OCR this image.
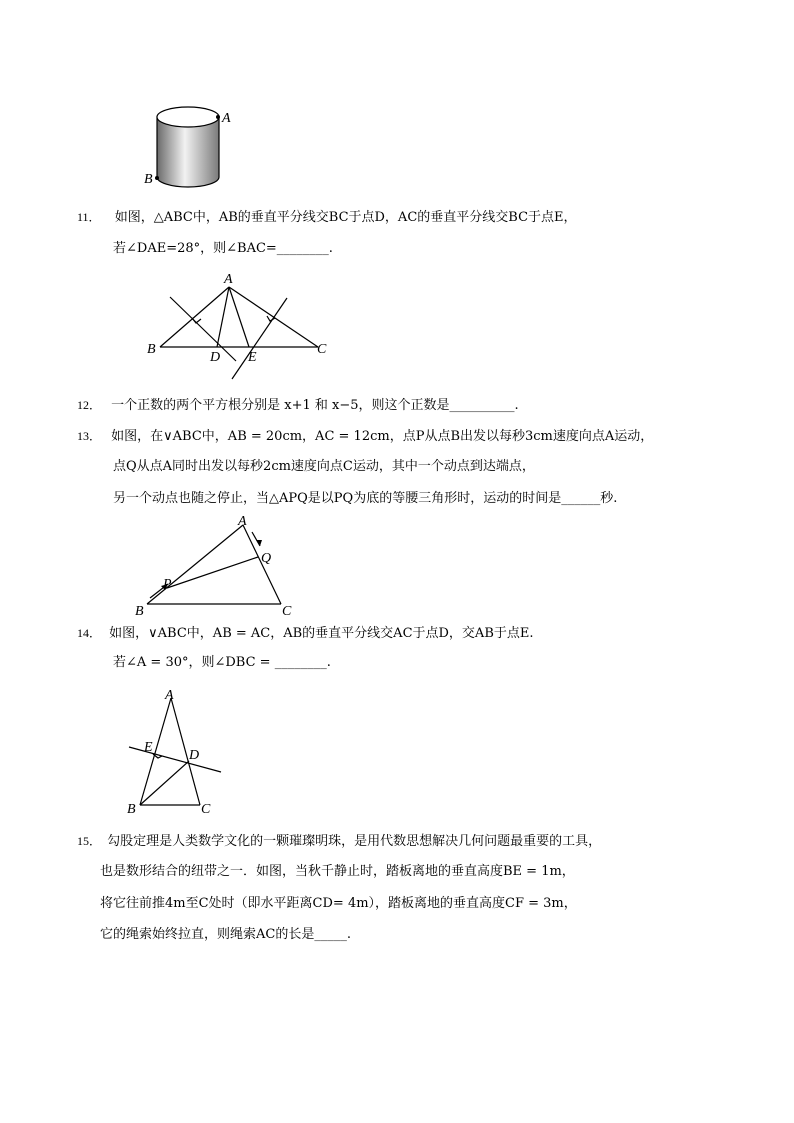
A
B
11． 如图，△ABC中，AB的垂直平分线交BC于点D，AC的垂直平分线交BC于点E，
若∠DAE=28°，则∠BAC=________.
A
B
D E
C
12． 一个正数的两个平方根分别是 x+1 和 x−5，则这个正数是__________.
13． 如图，在∨ABC中，AB = 20cm，AC = 12cm，点P从点B出发以每秒3cm速度向点A运动，
点Q从点A同时出发以每秒2cm速度向点C运动，其中一个动点到达端点，
另一个动点也随之停止，当△APQ是以PQ为底的等腰三角形时，运动的时间是______秒.
P
A
Q
B	C
14． 如图，∨ABC中，AB = AC，AB的垂直平分线交AC于点D，交AB于点E.
若∠A = 30°，则∠DBC = ________.
A
E
D
B	C
15． 勾股定理是人类数学文化的一颗璀璨明珠，是用代数思想解决几何问题最重要的工具，
也是数形结合的纽带之一．如图，当秋千静止时，踏板离地的垂直高度BE = 1m，
将它往前推4m至C处时（即水平距离CD= 4m），踏板离地的垂直高度CF = 3m，
它的绳索始终拉直，则绳索AC的长是_____.
